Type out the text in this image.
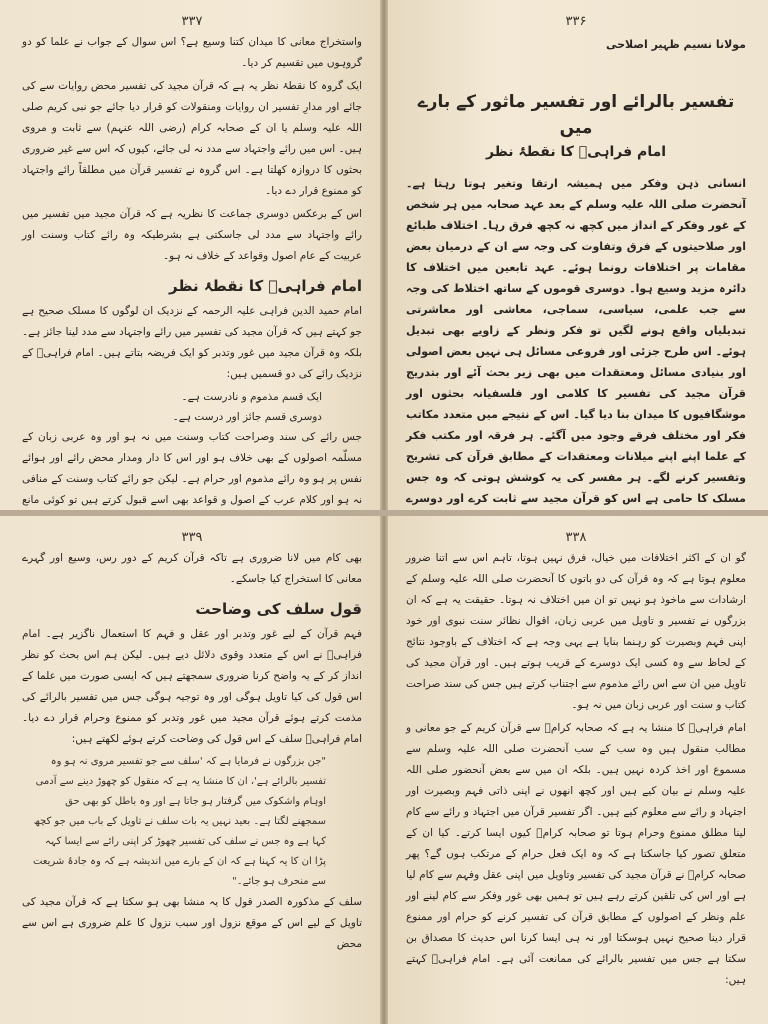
۳۳۷

واستخراج معانی کا میدان کتنا وسیع ہے؟ اس سوال کے جواب نے علما کو دو گروہوں میں تقسیم کر دیا۔

ایک گروہ کا نقطۂ نظر یہ ہے کہ قرآن مجید کی تفسیر محض روایات سے کی جائے اور مدارِ تفسیر ان روایات ومنقولات کو قرار دیا جائے جو نبی کریم صلی اللہ علیہ وسلم یا ان کے صحابہ کرام (رضی اللہ عنہم) سے ثابت و مروی ہیں۔ اس میں رائے واجتہاد سے مدد نہ لی جائے، کیوں کہ اس سے غیر ضروری بحثوں کا دروازہ کھلتا ہے۔ اس گروہ نے تفسیر قرآن میں مطلقاً رائے واجتہاد کو ممنوع قرار دے دیا۔

اس کے برعکس دوسری جماعت کا نظریہ ہے کہ قرآن مجید میں تفسیر میں رائے واجتہاد سے مدد لی جاسکتی ہے بشرطیکہ وہ رائے کتاب وسنت اور عربیت کے عام اصول وقواعد کے خلاف نہ ہو۔

امام فراہیؒ کا نقطۂ نظر

امام حمید الدین فراہی علیہ الرحمہ کے نزدیک ان لوگوں کا مسلک صحیح ہے جو کہتے ہیں کہ قرآن مجید کی تفسیر میں رائے واجتہاد سے مدد لینا جائز ہے۔ بلکہ وہ قرآن مجید میں غور وتدبر کو ایک فریضہ بتاتے ہیں۔ امام فراہیؒ کے نزدیک رائے کی دو قسمیں ہیں:

ایک قسم مذموم و نادرست ہے۔
دوسری قسم جائز اور درست ہے۔

جس رائے کی سند وصراحت کتاب وسنت میں نہ ہو اور وہ عربی زبان کے مسلّمہ اصولوں کے بھی خلاف ہو اور اس کا دار ومدار محض رائے اور ہوائے نفس پر ہو وہ رائے مذموم اور حرام ہے۔ لیکن جو رائے کتاب وسنت کے منافی نہ ہو اور کلام عرب کے اصول و قواعد بھی اسے قبول کرتے ہیں تو کوئی مانع

۳۳۶
مولانا نسیم ظہیر اصلاحی
تفسیر بالرائے اور تفسیر ماثور کے بارے میں
امام فراہیؒ کا نقطۂ نظر

انسانی ذہن وفکر میں ہمیشہ ارتقا وتغیر ہوتا رہتا ہے۔ آنحضرت صلی اللہ علیہ وسلم کے بعد عہد صحابہ میں ہر شخص کے غور وفکر کے انداز میں کچھ نہ کچھ فرق رہا۔ اختلاف طبائع اور صلاحیتوں کے فرق وتفاوت کی وجہ سے ان کے درمیان بعض مقامات پر اختلافات رونما ہوئے۔ عہد تابعین میں اختلاف کا دائرہ مزید وسیع ہوا۔ دوسری قوموں کے ساتھ اختلاط کی وجہ سے جب علمی، سیاسی، سماجی، معاشی اور معاشرتی تبدیلیاں واقع ہونے لگیں تو فکر ونظر کے زاویے بھی تبدیل ہوئے۔ اس طرح جزئی اور فروعی مسائل ہی نہیں بعض اصولی اور بنیادی مسائل ومعتقدات میں بھی زیر بحث آئے اور بتدریج قرآن مجید کی تفسیر کا کلامی اور فلسفیانہ بحثوں اور موشگافیوں کا میدان بنا دیا گیا۔ اس کے نتیجے میں متعدد مکاتب فکر اور مختلف فرقے وجود میں آگئے۔ ہر فرقہ اور مکتب فکر کے علما اپنے اپنے میلانات ومعتقدات کے مطابق قرآن کی تشریح وتفسیر کرنے لگے۔ ہر مفسر کی یہ کوشش ہوتی کہ وہ جس مسلک کا حامی ہے اس کو قرآن مجید سے ثابت کرے اور دوسرے

۳۳۹

بھی کام میں لانا ضروری ہے تاکہ قرآن کریم کے دور رس، وسیع اور گہرے معانی کا استخراج کیا جاسکے۔

قول سلف کی وضاحت

فہم قرآن کے لیے غور وتدبر اور عقل و فہم کا استعمال ناگزیر ہے۔ امام فراہیؒ نے اس کے متعدد وقوی دلائل دیے ہیں۔ لیکن ہم اس بحث کو نظر انداز کر کے یہ واضح کرنا ضروری سمجھتے ہیں کہ ایسی صورت میں علما کے اس قول کی کیا تاویل ہوگی اور وہ توجیہ ہوگی جس میں تفسیر بالرائے کی مذمت کرتے ہوئے قرآن مجید میں غور وتدبر کو ممنوع وحرام قرار دے دیا۔ امام فراہیؒ سلف کے اس قول کی وضاحت کرتے ہوئے لکھتے ہیں:

"جن بزرگوں نے فرمایا ہے کہ 'سلف سے جو تفسیر مروی نہ ہو وہ تفسیر بالرائے ہے'، ان کا منشا یہ ہے کہ منقول کو چھوڑ دینے سے آدمی اوہام واشکوک میں گرفتار ہو جاتا ہے اور وہ باطل کو بھی حق سمجھنے لگتا ہے۔ بعید نہیں یہ بات سلف نے تاویل کے باب میں جو کچھ کہا ہے وہ جس نے سلف کی تفسیر چھوڑ کر اپنی رائے سے ایسا کہہ پڑا ان کا یہ کہنا ہے کہ ان کے بارے میں اندیشہ ہے کہ وہ جادۂ شریعت سے منحرف ہو جائے۔"

سلف کے مذکورہ الصدر قول کا یہ منشا بھی ہو سکتا ہے کہ قرآن مجید کی تاویل کے لیے اس کے موقع نزول اور سبب نزول کا علم ضروری ہے اس سے محض

۳۳۸

گو ان کے اکثر اختلافات میں خیال، فرق نہیں ہوتا، تاہم اس سے اتنا ضرور معلوم ہوتا ہے کہ وہ قرآن کی دو باتوں کا آنحضرت صلی اللہ علیہ وسلم کے ارشادات سے ماخوذ ہو نہیں تو ان میں اختلاف نہ ہوتا۔ حقیقت یہ ہے کہ ان بزرگوں نے تفسیر و تاویل میں عربی زبان، اقوال نظائر سنت نبوی اور خود اپنی فہم وبصیرت کو رہنما بنایا ہے یہی وجہ ہے کہ اختلاف کے باوجود نتائج کے لحاظ سے وہ کسی ایک دوسرے کے قریب ہوتے ہیں۔ اور قرآن مجید کی تاویل میں ان سے اس رائے مذموم سے اجتناب کرتے ہیں جس کی سند صراحت کتاب و سنت اور عربی زبان میں نہ ہو۔

امام فراہیؒ کا منشا یہ ہے کہ صحابہ کرامؓ سے قرآن کریم کے جو معانی و مطالب منقول ہیں وہ سب کے سب آنحضرت صلی اللہ علیہ وسلم سے مسموع اور اخذ کردہ نہیں ہیں۔ بلکہ ان میں سے بعض آنحضور صلی اللہ علیہ وسلم نے بیان کیے ہیں اور کچھ انھوں نے اپنی ذاتی فہم وبصیرت اور اجتہاد و رائے سے معلوم کیے ہیں۔ اگر تفسیر قرآن میں اجتہاد و رائے سے کام لینا مطلق ممنوع وحرام ہوتا تو صحابہ کرامؓ کیوں ایسا کرتے۔ کیا ان کے متعلق تصور کیا جاسکتا ہے کہ وہ ایک فعل حرام کے مرتکب ہوں گے؟ پھر صحابہ کرامؓ نے قرآن مجید کی تفسیر وتاویل میں اپنی عقل وفہم سے کام لیا ہے اور اس کی تلقین کرتے رہے ہیں تو ہمیں بھی غور وفکر سے کام لینے اور علم ونظر کے اصولوں کے مطابق قرآن کی تفسیر کرنے کو حرام اور ممنوع قرار دینا صحیح نہیں ہوسکتا اور نہ ہی ایسا کرنا اس حدیث کا مصداق بن سکتا ہے جس میں تفسیر بالرائے کی ممانعت آئی ہے۔ امام فراہیؒ کہتے ہیں:
